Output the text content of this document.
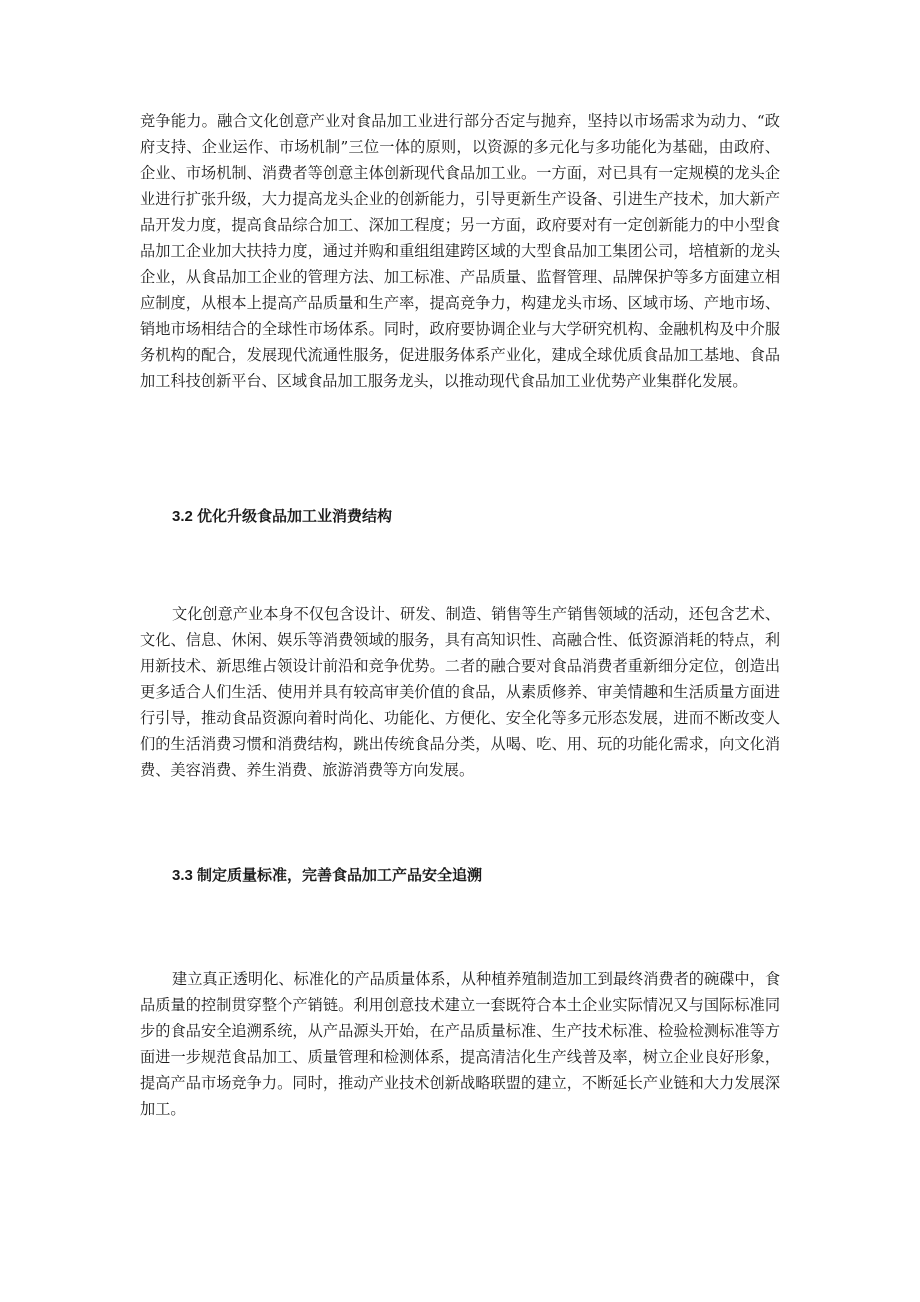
竞争能力。融合文化创意产业对食品加工业进行部分否定与抛弃，坚持以市场需求为动力、“政府支持、企业运作、市场机制”三位一体的原则，以资源的多元化与多功能化为基础，由政府、企业、市场机制、消费者等创意主体创新现代食品加工业。一方面，对已具有一定规模的龙头企业进行扩张升级，大力提高龙头企业的创新能力，引导更新生产设备、引进生产技术，加大新产品开发力度，提高食品综合加工、深加工程度；另一方面，政府要对有一定创新能力的中小型食品加工企业加大扶持力度，通过并购和重组组建跨区域的大型食品加工集团公司，培植新的龙头企业，从食品加工企业的管理方法、加工标准、产品质量、监督管理、品牌保护等多方面建立相应制度，从根本上提高产品质量和生产率，提高竞争力，构建龙头市场、区域市场、产地市场、销地市场相结合的全球性市场体系。同时，政府要协调企业与大学研究机构、金融机构及中介服务机构的配合，发展现代流通性服务，促进服务体系产业化，建成全球优质食品加工基地、食品加工科技创新平台、区域食品加工服务龙头，以推动现代食品加工业优势产业集群化发展。

3.2 优化升级食品加工业消费结构

文化创意产业本身不仅包含设计、研发、制造、销售等生产销售领域的活动，还包含艺术、文化、信息、休闲、娱乐等消费领域的服务，具有高知识性、高融合性、低资源消耗的特点，利用新技术、新思维占领设计前沿和竞争优势。二者的融合要对食品消费者重新细分定位，创造出更多适合人们生活、使用并具有较高审美价值的食品，从素质修养、审美情趣和生活质量方面进行引导，推动食品资源向着时尚化、功能化、方便化、安全化等多元形态发展，进而不断改变人们的生活消费习惯和消费结构，跳出传统食品分类，从喝、吃、用、玩的功能化需求，向文化消费、美容消费、养生消费、旅游消费等方向发展。

3.3 制定质量标准，完善食品加工产品安全追溯

建立真正透明化、标准化的产品质量体系，从种植养殖制造加工到最终消费者的碗碟中，食品质量的控制贯穿整个产销链。利用创意技术建立一套既符合本土企业实际情况又与国际标准同步的食品安全追溯系统，从产品源头开始，在产品质量标准、生产技术标准、检验检测标准等方面进一步规范食品加工、质量管理和检测体系，提高清洁化生产线普及率，树立企业良好形象，提高产品市场竞争力。同时，推动产业技术创新战略联盟的建立，不断延长产业链和大力发展深加工。
